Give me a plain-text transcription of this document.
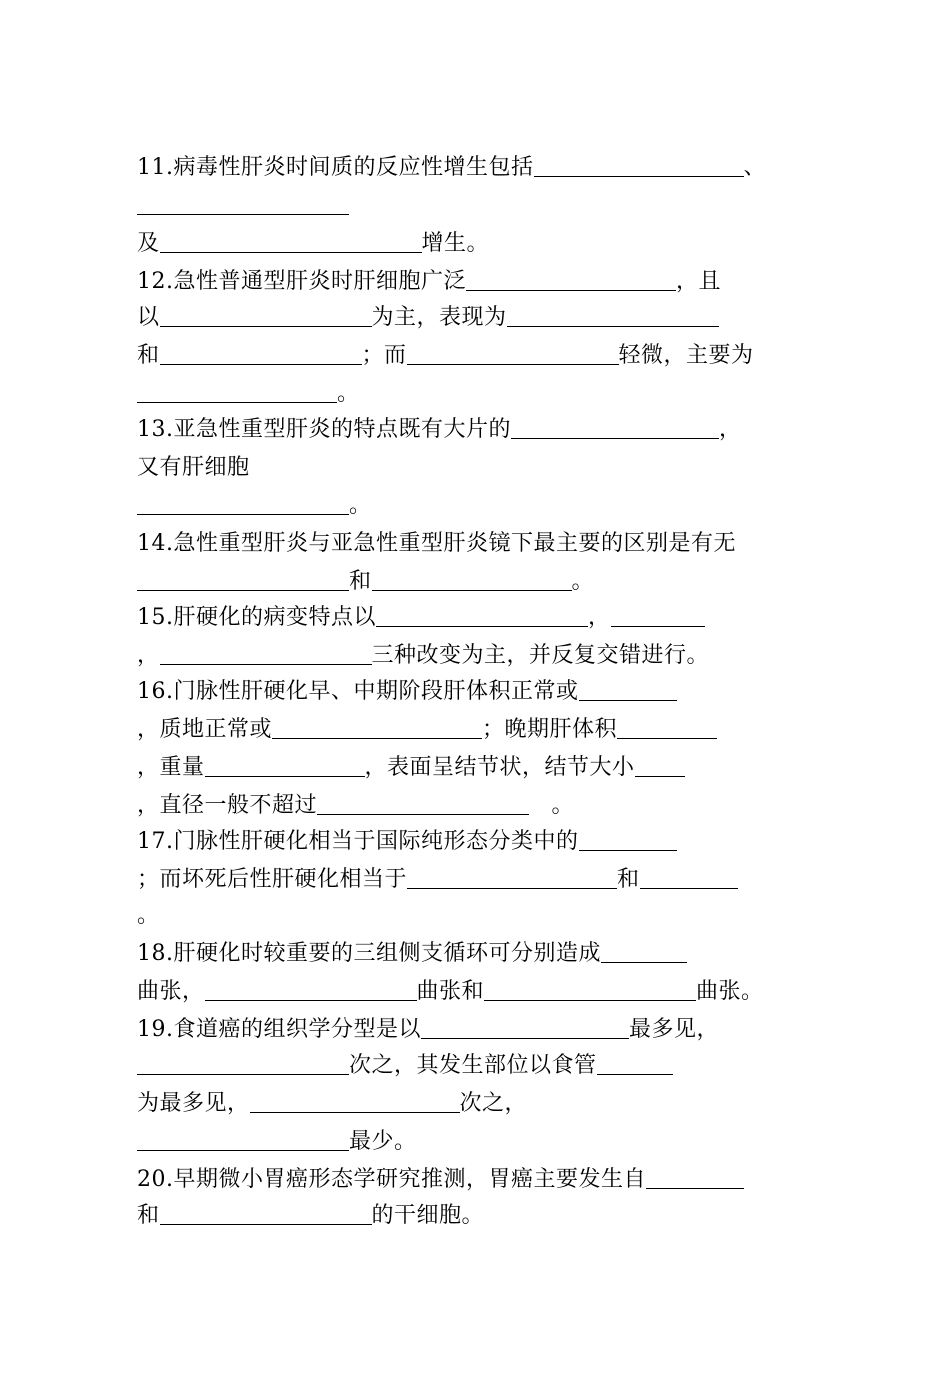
11.病毒性肝炎时间质的反应性增生包括	、
及	增生。
12.急性普通型肝炎时肝细胞广泛	，且
以	为主，表现为
和	；而	轻微，主要为
。
13.亚急性重型肝炎的特点既有大片的	，
又有肝细胞
。
14.急性重型肝炎与亚急性重型肝炎镜下最主要的区别是有无
和	。
15.肝硬化的病变特点以	，
，	三种改变为主，并反复交错进行。
16.门脉性肝硬化早、中期阶段肝体积正常或
，质地正常或	；晚期肝体积
，重量	，表面呈结节状，结节大小
，直径一般不超过	　。
17.门脉性肝硬化相当于国际纯形态分类中的
；而坏死后性肝硬化相当于	和
。
18.肝硬化时较重要的三组侧支循环可分别造成
曲张，	曲张和	曲张。
19.食道癌的组织学分型是以	最多见，
次之，其发生部位以食管
为最多见，	次之，
最少。
20.早期微小胃癌形态学研究推测，胃癌主要发生自
和	的干细胞。
